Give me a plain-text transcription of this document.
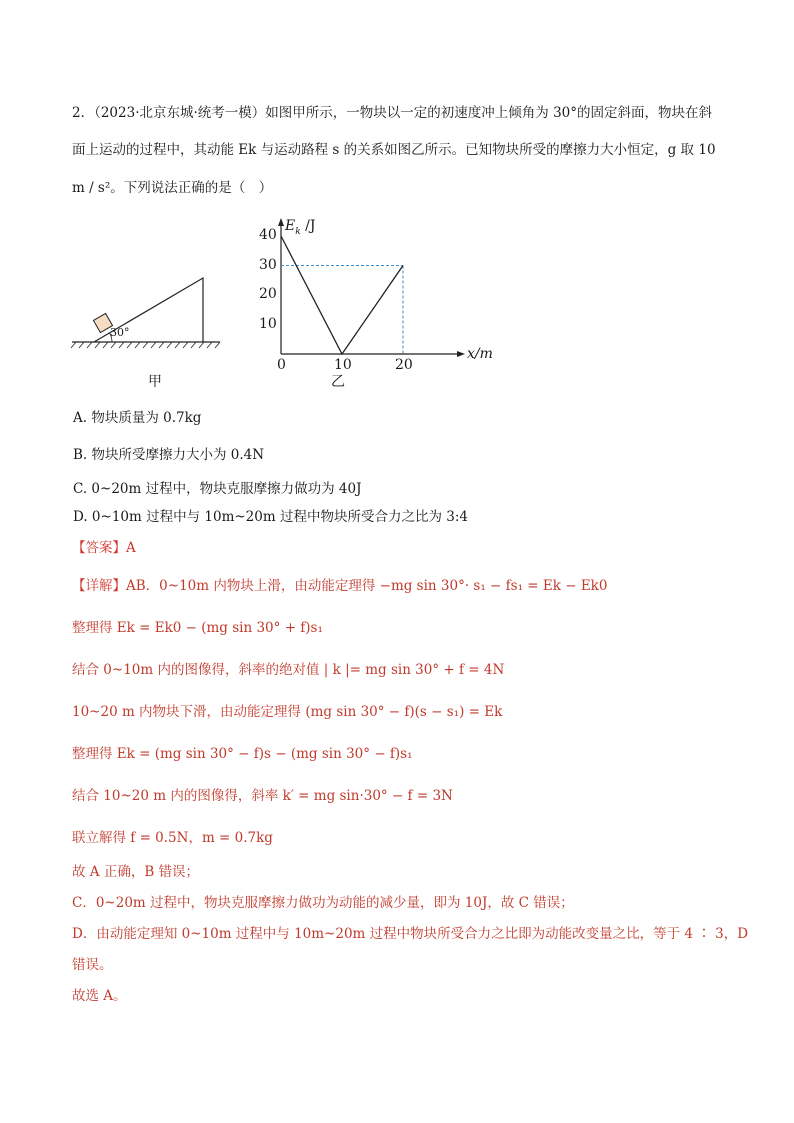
2．（2023·北京东城·统考一模）如图甲所示，一物块以一定的初速度冲上倾角为 30°的固定斜面，物块在斜
面上运动的过程中，其动能 Ek 与运动路程 s 的关系如图乙所示。已知物块所受的摩擦力大小恒定，g 取 10
m / s²。下列说法正确的是（　）
30°
甲
40
30
20
10
0	10	20
$E_k$ /J
x/m
乙
A. 物块质量为 0.7kg
B. 物块所受摩擦力大小为 0.4N
C. 0~20m 过程中，物块克服摩擦力做功为 40J
D. 0~10m 过程中与 10m~20m 过程中物块所受合力之比为 3:4
【答案】A
【详解】AB．0~10m 内物块上滑，由动能定理得 −mg sin 30°· s₁ − fs₁ = Ek − Ek0
整理得 Ek = Ek0 − (mg sin 30° + f)s₁
结合 0~10m 内的图像得，斜率的绝对值 | k |= mg sin 30° + f = 4N
10~20 m 内物块下滑，由动能定理得 (mg sin 30° − f)(s − s₁) = Ek
整理得 Ek = (mg sin 30° − f)s − (mg sin 30° − f)s₁
结合 10~20 m 内的图像得，斜率 k′ = mg sin·30° − f = 3N
联立解得 f = 0.5N，m = 0.7kg
故 A 正确，B 错误；
C．0~20m 过程中，物块克服摩擦力做功为动能的减少量，即为 10J，故 C 错误；
D．由动能定理知 0~10m 过程中与 10m~20m 过程中物块所受合力之比即为动能改变量之比，等于 4 ∶ 3，D
错误。
故选 A。
